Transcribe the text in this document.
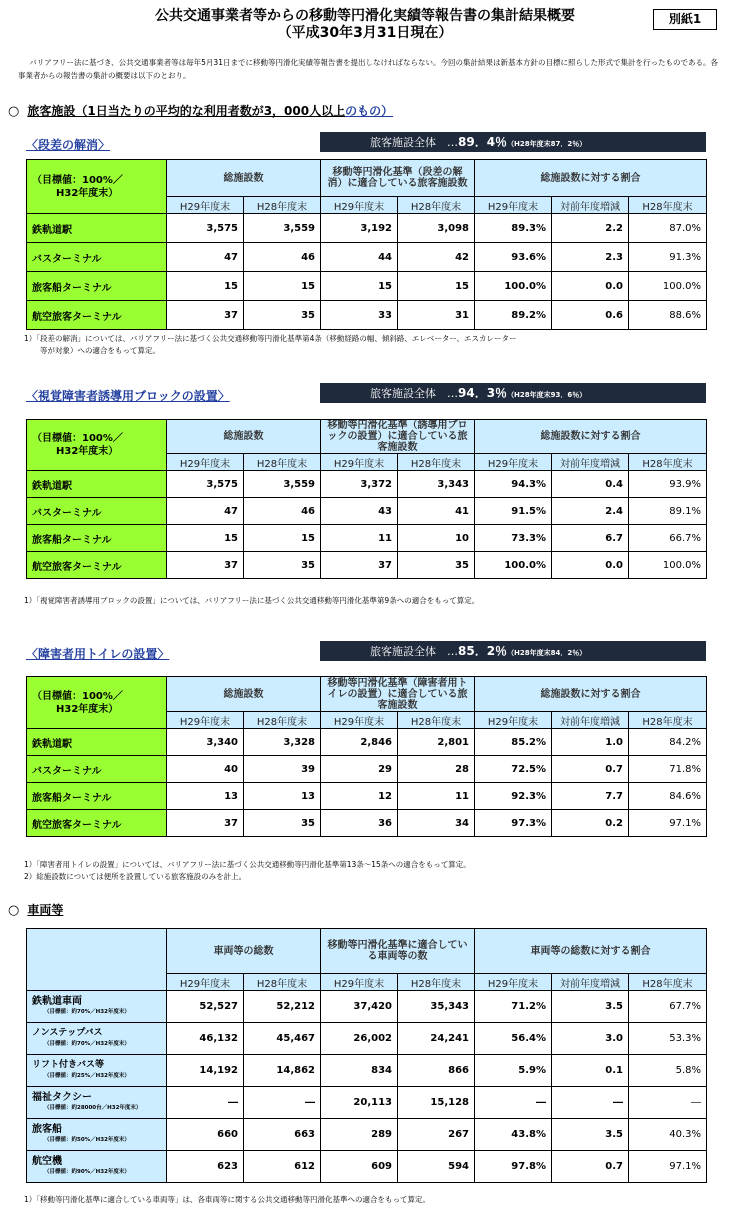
公共交通事業者等からの移動等円滑化実績等報告書の集計結果概要
（平成30年3月31日現在）
別紙1
バリアフリー法に基づき、公共交通事業者等は毎年5月31日までに移動等円滑化実績等報告書を提出しなければならない。今回の集計結果は新基本方針の目標に照らした形式で集計を行ったものである。各事業者からの報告書の集計の概要は以下のとおり。
○ 旅客施設（1日当たりの平均的な利用者数が3，000人以上のもの）
〈段差の解消〉	旅客施設全体　…89．4％（H28年度末87．2％）
（目標値：100%／
H32年度末）	総施設数		移動等円滑化基準（段差の解消）に適合している旅客施設数		総施設数に対する割合		
	H29年度末	H28年度末	H29年度末	H28年度末	H29年度末	対前年度増減	H28年度末
鉄軌道駅	3,575	3,559	3,192	3,098	89.3%	2.2	87.0%
バスターミナル	47	46	44	42	93.6%	2.3	91.3%
旅客船ターミナル	15	15	15	15	100.0%	0.0	100.0%
航空旅客ターミナル	37	35	33	31	89.2%	0.6	88.6%
1）「段差の解消」については、バリアフリー法に基づく公共交通移動等円滑化基準第4条（移動経路の幅、傾斜路、エレベーター、エスカレーター
等が対象）への適合をもって算定。
〈視覚障害者誘導用ブロックの設置〉	旅客施設全体　…94．3％（H28年度末93．6％）
（目標値：100%／
H32年度末）	総施設数		移動等円滑化基準（誘導用ブロックの設置）に適合している旅客施設数		総施設数に対する割合		
	H29年度末	H28年度末	H29年度末	H28年度末	H29年度末	対前年度増減	H28年度末
鉄軌道駅	3,575	3,559	3,372	3,343	94.3%	0.4	93.9%
バスターミナル	47	46	43	41	91.5%	2.4	89.1%
旅客船ターミナル	15	15	11	10	73.3%	6.7	66.7%
航空旅客ターミナル	37	35	37	35	100.0%	0.0	100.0%
1）「視覚障害者誘導用ブロックの設置」については、バリアフリー法に基づく公共交通移動等円滑化基準第9条への適合をもって算定。
〈障害者用トイレの設置〉	旅客施設全体　…85．2％（H28年度末84．2％）
（目標値：100%／
H32年度末）	総施設数		移動等円滑化基準（障害者用トイレの設置）に適合している旅客施設数		総施設数に対する割合		
	H29年度末	H28年度末	H29年度末	H28年度末	H29年度末	対前年度増減	H28年度末
鉄軌道駅	3,340	3,328	2,846	2,801	85.2%	1.0	84.2%
バスターミナル	40	39	29	28	72.5%	0.7	71.8%
旅客船ターミナル	13	13	12	11	92.3%	7.7	84.6%
航空旅客ターミナル	37	35	36	34	97.3%	0.2	97.1%
1）「障害者用トイレの設置」については、バリアフリー法に基づく公共交通移動等円滑化基準第13条～15条への適合をもって算定。
2）総施設数については便所を設置している旅客施設のみを計上。
○ 車両等
	車両等の総数		移動等円滑化基準に適合している車両等の数		車両等の総数に対する割合		
	H29年度末	H28年度末	H29年度末	H28年度末	H29年度末	対前年度増減	H28年度末

鉄軌道車両
（目標値：約70%／H32年度末）	52,527	52,212	37,420	35,343	71.2%	3.5	67.7%

ノンステップバス
（目標値：約70%／H32年度末）	46,132	45,467	26,002	24,241	56.4%	3.0	53.3%

リフト付きバス等
（目標値：約25%／H32年度末）	14,192	14,862	834	866	5.9%	0.1	5.8%

福祉タクシー
（目標値：約28000台／H32年度末）	―	―	20,113	15,128	―	―	―

旅客船
（目標値：約50%／H32年度末）	660	663	289	267	43.8%	3.5	40.3%

航空機
（目標値：約90%／H32年度末）	623	612	609	594	97.8%	0.7	97.1%
1）「移動等円滑化基準に適合している車両等」は、各車両等に関する公共交通移動等円滑化基準への適合をもって算定。
